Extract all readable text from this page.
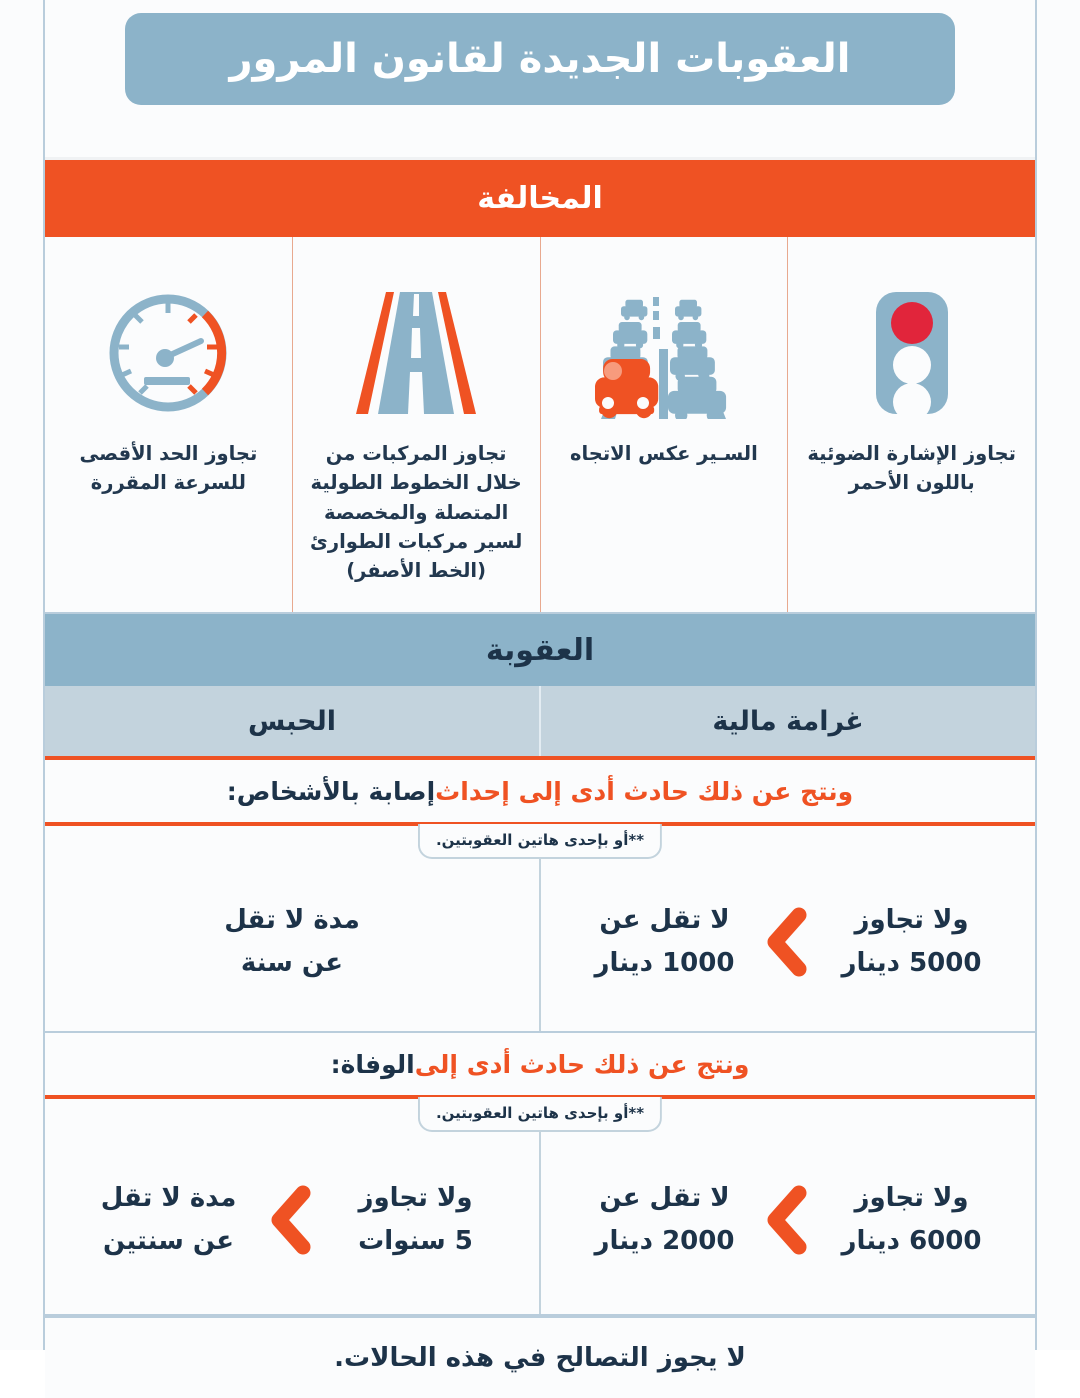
العقوبات الجديدة لقانون المرور
المخالفة
تجاوز الإشارة الضوئية
باللون الأحمر
السـير عكس الاتجاه
تجاوز المركبات من
خلال الخطوط الطولية
المتصلة والمخصصة
لسير مركبات الطوارئ
(الخط الأصفر)
تجاوز الحد الأقصى
للسرعة المقررة
العقوبة
غرامة مالية
الحبس
ونتج عن ذلك حادث أدى إلى إحداث
إصابة بالأشخاص:
**أو بإحدى هاتين العقوبتين.
ولا تجاوز
5000 دينار
لا تقل عن
1000 دينار
مدة لا تقل
عن سنة
ونتج عن ذلك حادث أدى إلى
الوفاة:
**أو بإحدى هاتين العقوبتين.
ولا تجاوز
6000 دينار
لا تقل عن
2000 دينار
ولا تجاوز
5 سنوات
مدة لا تقل
عن سنتين
لا يجوز التصالح في هذه الحالات.
